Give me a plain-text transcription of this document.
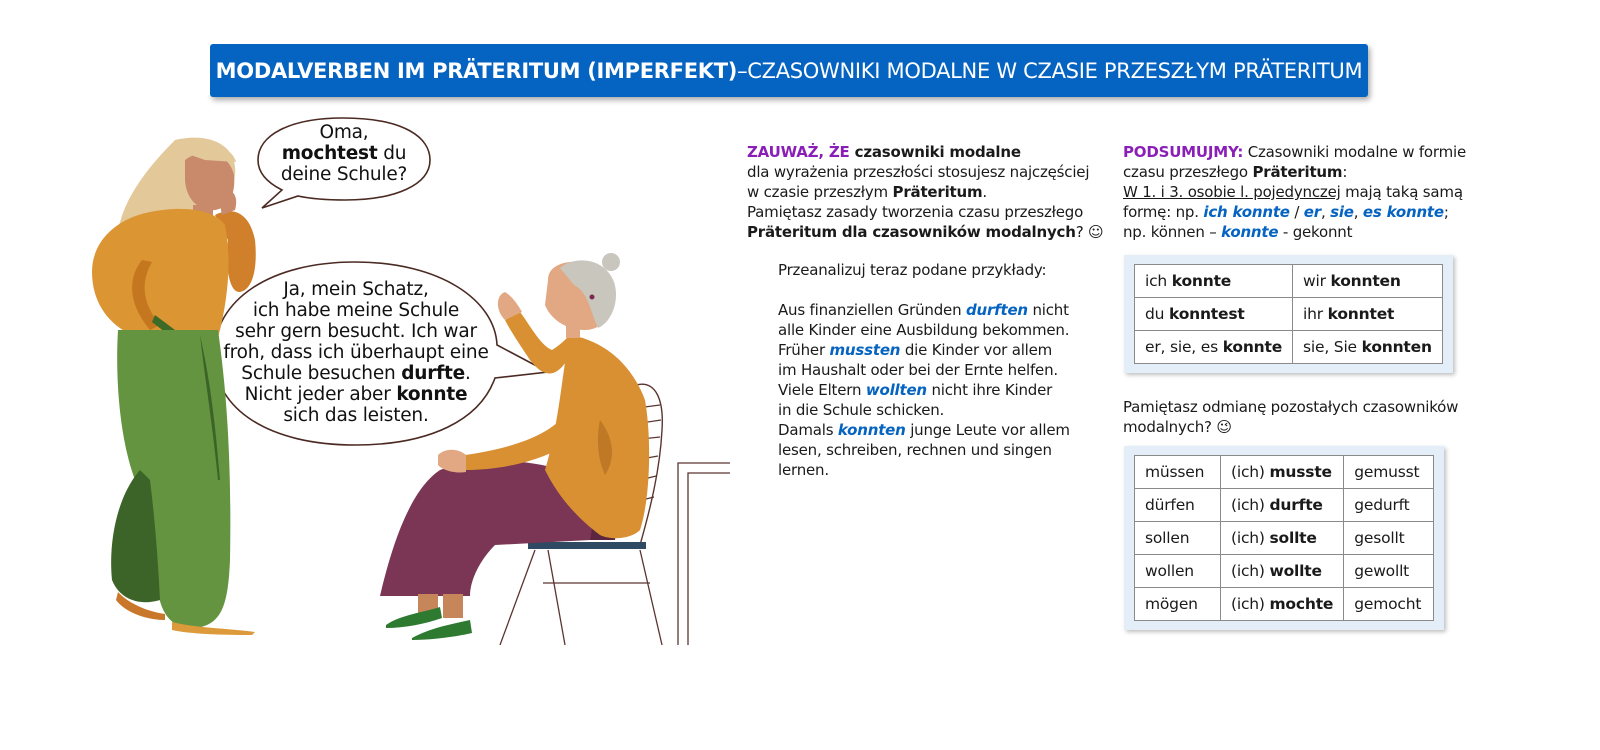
MODALVERBEN IM PRÄTERITUM (IMPERFEKT) – CZASOWNIKI MODALNE W CZASIE PRZESZŁYM PRÄTERITUM
Oma,
mochtest du
deine Schule?
Ja, mein Schatz,
ich habe meine Schule
sehr gern besucht. Ich war
froh, dass ich überhaupt eine
Schule besuchen durfte.
Nicht jeder aber konnte
sich das leisten.
ZAUWAŻ, ŻE czasowniki modalne
dla wyrażenia przeszłości stosujesz najczęściej
w czasie przeszłym Präteritum.
Pamiętasz zasady tworzenia czasu przeszłego
Präteritum dla czasowników modalnych? ☺
Przeanalizuj teraz podane przykłady:
Aus finanziellen Gründen durften nicht
alle Kinder eine Ausbildung bekommen.
Früher mussten die Kinder vor allem
im Haushalt oder bei der Ernte helfen.
Viele Eltern wollten nicht ihre Kinder
in die Schule schicken.
Damals konnten junge Leute vor allem
lesen, schreiben, rechnen und singen
lernen.
PODSUMUJMY: Czasowniki modalne w formie
czasu przeszłego Präteritum:
W 1. i 3. osobie l. pojedynczej mają taką samą
formę: np. ich konnte / er, sie, es konnte;
np. können – konnte - gekonnt
ich konnte	wir konnten
du konntest	ihr konntet
er, sie, es konnte	sie, Sie konnten
Pamiętasz odmianę pozostałych czasowników
modalnych? 😉
müssen	(ich) musste	gemusst
dürfen	(ich) durfte	gedurft
sollen	(ich) sollte	gesollt
wollen	(ich) wollte	gewollt
mögen	(ich) mochte	gemocht
